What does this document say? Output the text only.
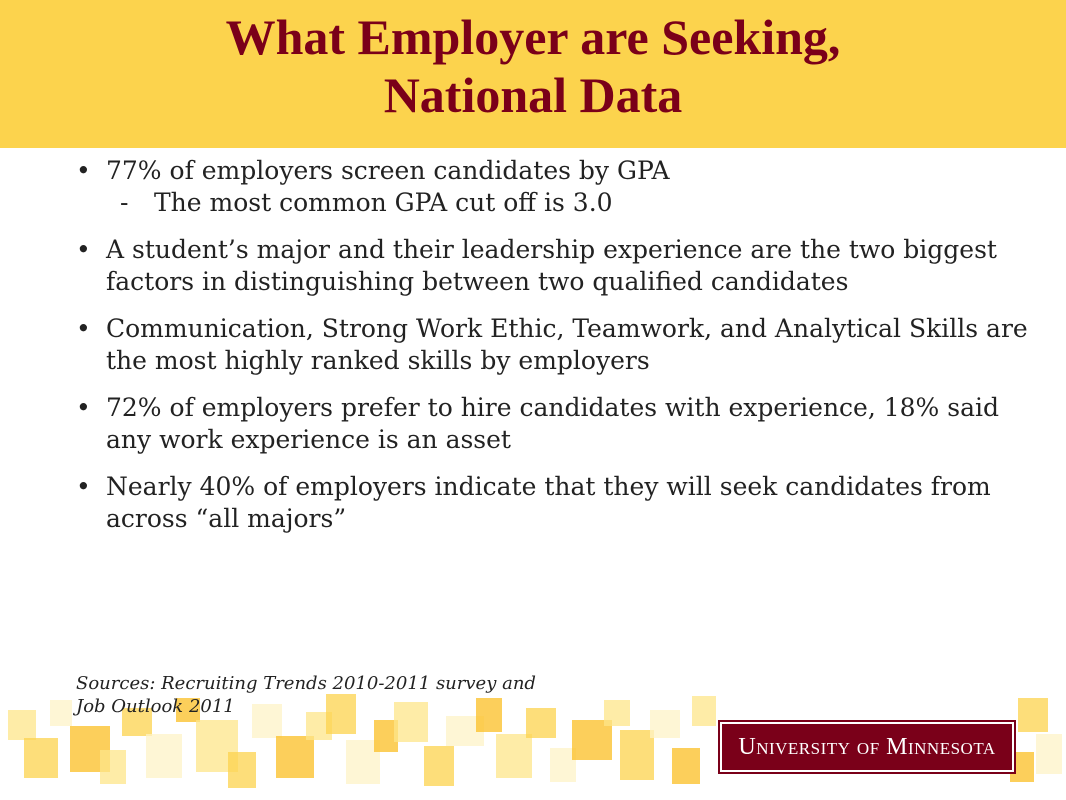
What Employer are Seeking,
National Data
• 77% of employers screen candidates by GPA
- The most common GPA cut off is 3.0
• A student’s major and their leadership experience are the two biggest factors in distinguishing between two qualified candidates
• Communication, Strong Work Ethic, Teamwork, and Analytical Skills are the most highly ranked skills by employers
• 72% of employers prefer to hire candidates with experience, 18% said any work experience is an asset
• Nearly 40% of employers indicate that they will seek candidates from across “all majors”
Sources: Recruiting Trends 2010-2011 survey and
Job Outlook 2011
University of Minnesota
